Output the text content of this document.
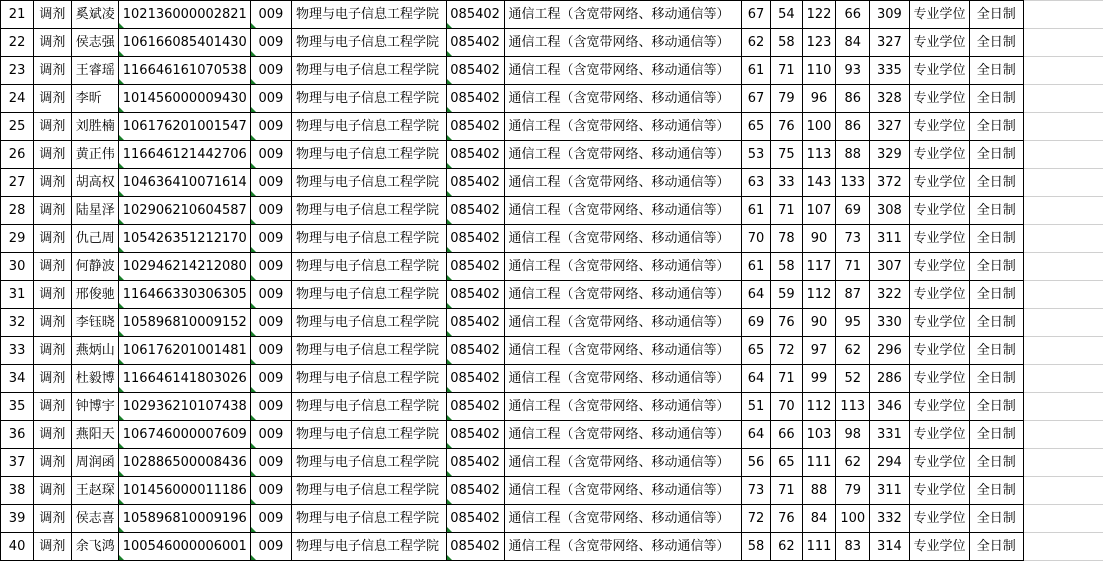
21	调剂	奚斌凌	102136000002821	009	物理与电子信息工程学院	085402	通信工程（含宽带网络、移动通信等）	67	54	122	66	309	专业学位	全日制	
22	调剂	侯志强	106166085401430	009	物理与电子信息工程学院	085402	通信工程（含宽带网络、移动通信等）	62	58	123	84	327	专业学位	全日制	
23	调剂	王睿瑶	116646161070538	009	物理与电子信息工程学院	085402	通信工程（含宽带网络、移动通信等）	61	71	110	93	335	专业学位	全日制	
24	调剂	李昕	101456000009430	009	物理与电子信息工程学院	085402	通信工程（含宽带网络、移动通信等）	67	79	96	86	328	专业学位	全日制	
25	调剂	刘胜楠	106176201001547	009	物理与电子信息工程学院	085402	通信工程（含宽带网络、移动通信等）	65	76	100	86	327	专业学位	全日制	
26	调剂	黄正伟	116646121442706	009	物理与电子信息工程学院	085402	通信工程（含宽带网络、移动通信等）	53	75	113	88	329	专业学位	全日制	
27	调剂	胡高权	104636410071614	009	物理与电子信息工程学院	085402	通信工程（含宽带网络、移动通信等）	63	33	143	133	372	专业学位	全日制	
28	调剂	陆星泽	102906210604587	009	物理与电子信息工程学院	085402	通信工程（含宽带网络、移动通信等）	61	71	107	69	308	专业学位	全日制	
29	调剂	仇己周	105426351212170	009	物理与电子信息工程学院	085402	通信工程（含宽带网络、移动通信等）	70	78	90	73	311	专业学位	全日制	
30	调剂	何静波	102946214212080	009	物理与电子信息工程学院	085402	通信工程（含宽带网络、移动通信等）	61	58	117	71	307	专业学位	全日制	
31	调剂	邢俊驰	116466330306305	009	物理与电子信息工程学院	085402	通信工程（含宽带网络、移动通信等）	64	59	112	87	322	专业学位	全日制	
32	调剂	李钰晓	105896810009152	009	物理与电子信息工程学院	085402	通信工程（含宽带网络、移动通信等）	69	76	90	95	330	专业学位	全日制	
33	调剂	燕炳山	106176201001481	009	物理与电子信息工程学院	085402	通信工程（含宽带网络、移动通信等）	65	72	97	62	296	专业学位	全日制	
34	调剂	杜毅博	116646141803026	009	物理与电子信息工程学院	085402	通信工程（含宽带网络、移动通信等）	64	71	99	52	286	专业学位	全日制	
35	调剂	钟博宇	102936210107438	009	物理与电子信息工程学院	085402	通信工程（含宽带网络、移动通信等）	51	70	112	113	346	专业学位	全日制	
36	调剂	燕阳天	106746000007609	009	物理与电子信息工程学院	085402	通信工程（含宽带网络、移动通信等）	64	66	103	98	331	专业学位	全日制	
37	调剂	周润函	102886500008436	009	物理与电子信息工程学院	085402	通信工程（含宽带网络、移动通信等）	56	65	111	62	294	专业学位	全日制	
38	调剂	王赵琛	101456000011186	009	物理与电子信息工程学院	085402	通信工程（含宽带网络、移动通信等）	73	71	88	79	311	专业学位	全日制	
39	调剂	侯志喜	105896810009196	009	物理与电子信息工程学院	085402	通信工程（含宽带网络、移动通信等）	72	76	84	100	332	专业学位	全日制	
40	调剂	余飞鸿	100546000006001	009	物理与电子信息工程学院	085402	通信工程（含宽带网络、移动通信等）	58	62	111	83	314	专业学位	全日制	
